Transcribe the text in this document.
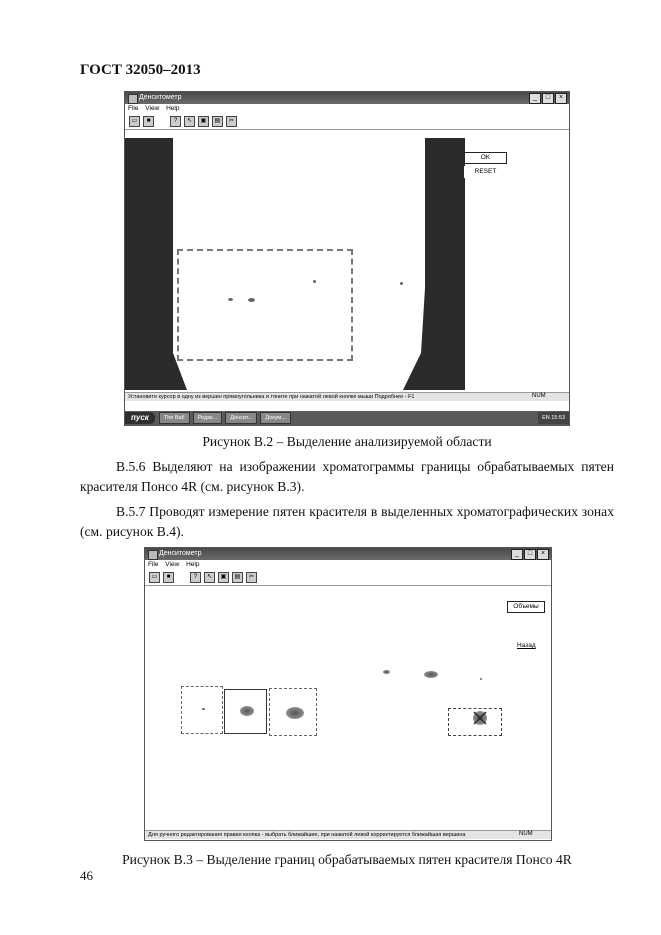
ГОСТ 32050–2013
Денситометр	_	□	×
File View Help
▭	■	?	↖	▣	▤	✂
OK
RESET
Установите курсор в одну из вершин прямоугольника и тяните при нажатой левой кнопке мыши Подробнее - F1	NUM
пуск	The Bat!	Редак...	Денсит...	Докум...	EN 15:53
Рисунок В.2 – Выделение анализируемой области
В.5.6 Выделяют на изображении хроматограммы границы обрабатываемых пятен красителя Понсо 4R (см. рисунок В.3).
В.5.7 Проводят измерение пятен красителя в выделенных хроматографических зонах (см. рисунок В.4).
Денситометр	_	□	×
File View Help
▭	■	?	↖	▣	▤	✂
Объемы
Назад
Для ручного редактирования правая кнопка - выбрать ближайшие, при нажатой левой корректируется ближайшая вершина	NUM
Рисунок В.3 – Выделение границ обрабатываемых пятен красителя Понсо 4R
46
